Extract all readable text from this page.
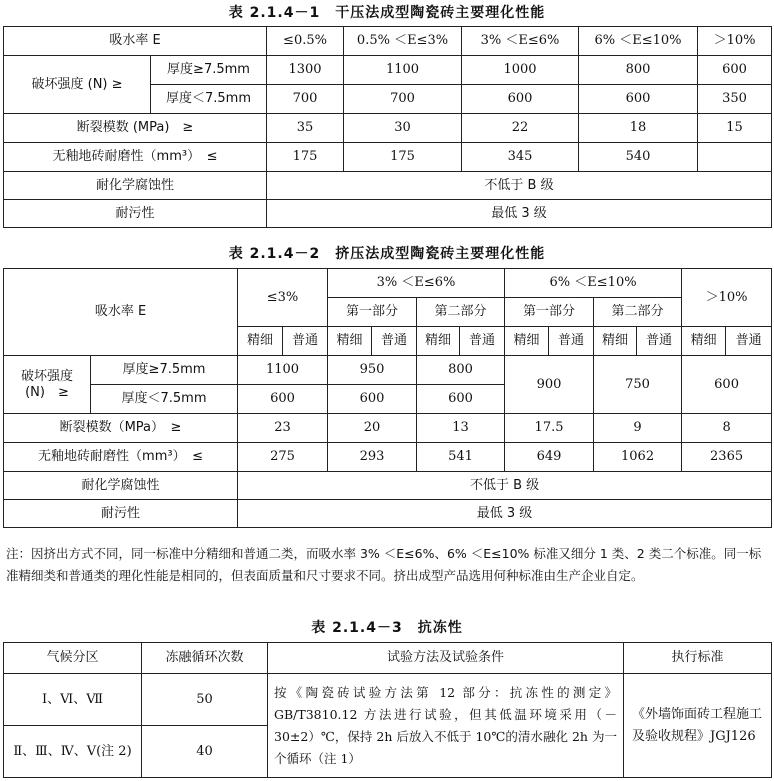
表 2.1.4－1　干压法成型陶瓷砖主要理化性能
吸水率 E		≤0.5%	0.5% ＜E≤3%	3% ＜E≤6%	6% ＜E≤10%	＞10%
破坏强度 (N) ≥	厚度≥7.5mm	1300	1100	1000	800	600
	厚度＜7.5mm	700	700	600	600	350
断裂模数 (MPa)　≥		35	30	22	18	15
无釉地砖耐磨性（mm³）　≤		175	175	345	540	
耐化学腐蚀性		不低于 B 级				
耐污性		最低 3 级				
表 2.1.4－2　挤压法成型陶瓷砖主要理化性能
吸水率 E		≤3%		3% ＜E≤6%				6% ＜E≤10%				＞10%	
				第一部分		第二部分		第一部分		第二部分			
		精细	普通	精细	普通	精细	普通	精细	普通	精细	普通	精细	普通
破坏强度
(N)　≥	厚度≥7.5mm	1100		950		800		900		750		600	
	厚度＜7.5mm	600		600		600							
断裂模数（MPa）　≥		23		20		13		17.5		9		8	
无釉地砖耐磨性（mm³）　≤		275		293		541		649		1062		2365	
耐化学腐蚀性		不低于 B 级											
耐污性		最低 3 级											
注：因挤出方式不同，同一标准中分精细和普通二类，而吸水率 3% ＜E≤6%、6% ＜E≤10% 标准又细分 1 类、2 类二个标准。同一标准精细类和普通类的理化性能是相同的，但表面质量和尺寸要求不同。挤出成型产品选用何种标准由生产企业自定。
表 2.1.4－3　抗冻性
气候分区	冻融循环次数	试验方法及试验条件	执行标准
Ⅰ、Ⅵ、Ⅶ	50	按《陶瓷砖试验方法第 12 部分：抗冻性的测定》GB/T3810.12 方法进行试验，但其低温环境采用（－30±2）℃，保持 2h 后放入不低于 10℃的清水融化 2h 为一个循环（注 1）	《外墙饰面砖工程施工及验收规程》JGJ126
Ⅱ、Ⅲ、Ⅳ、Ⅴ(注 2)	40		
